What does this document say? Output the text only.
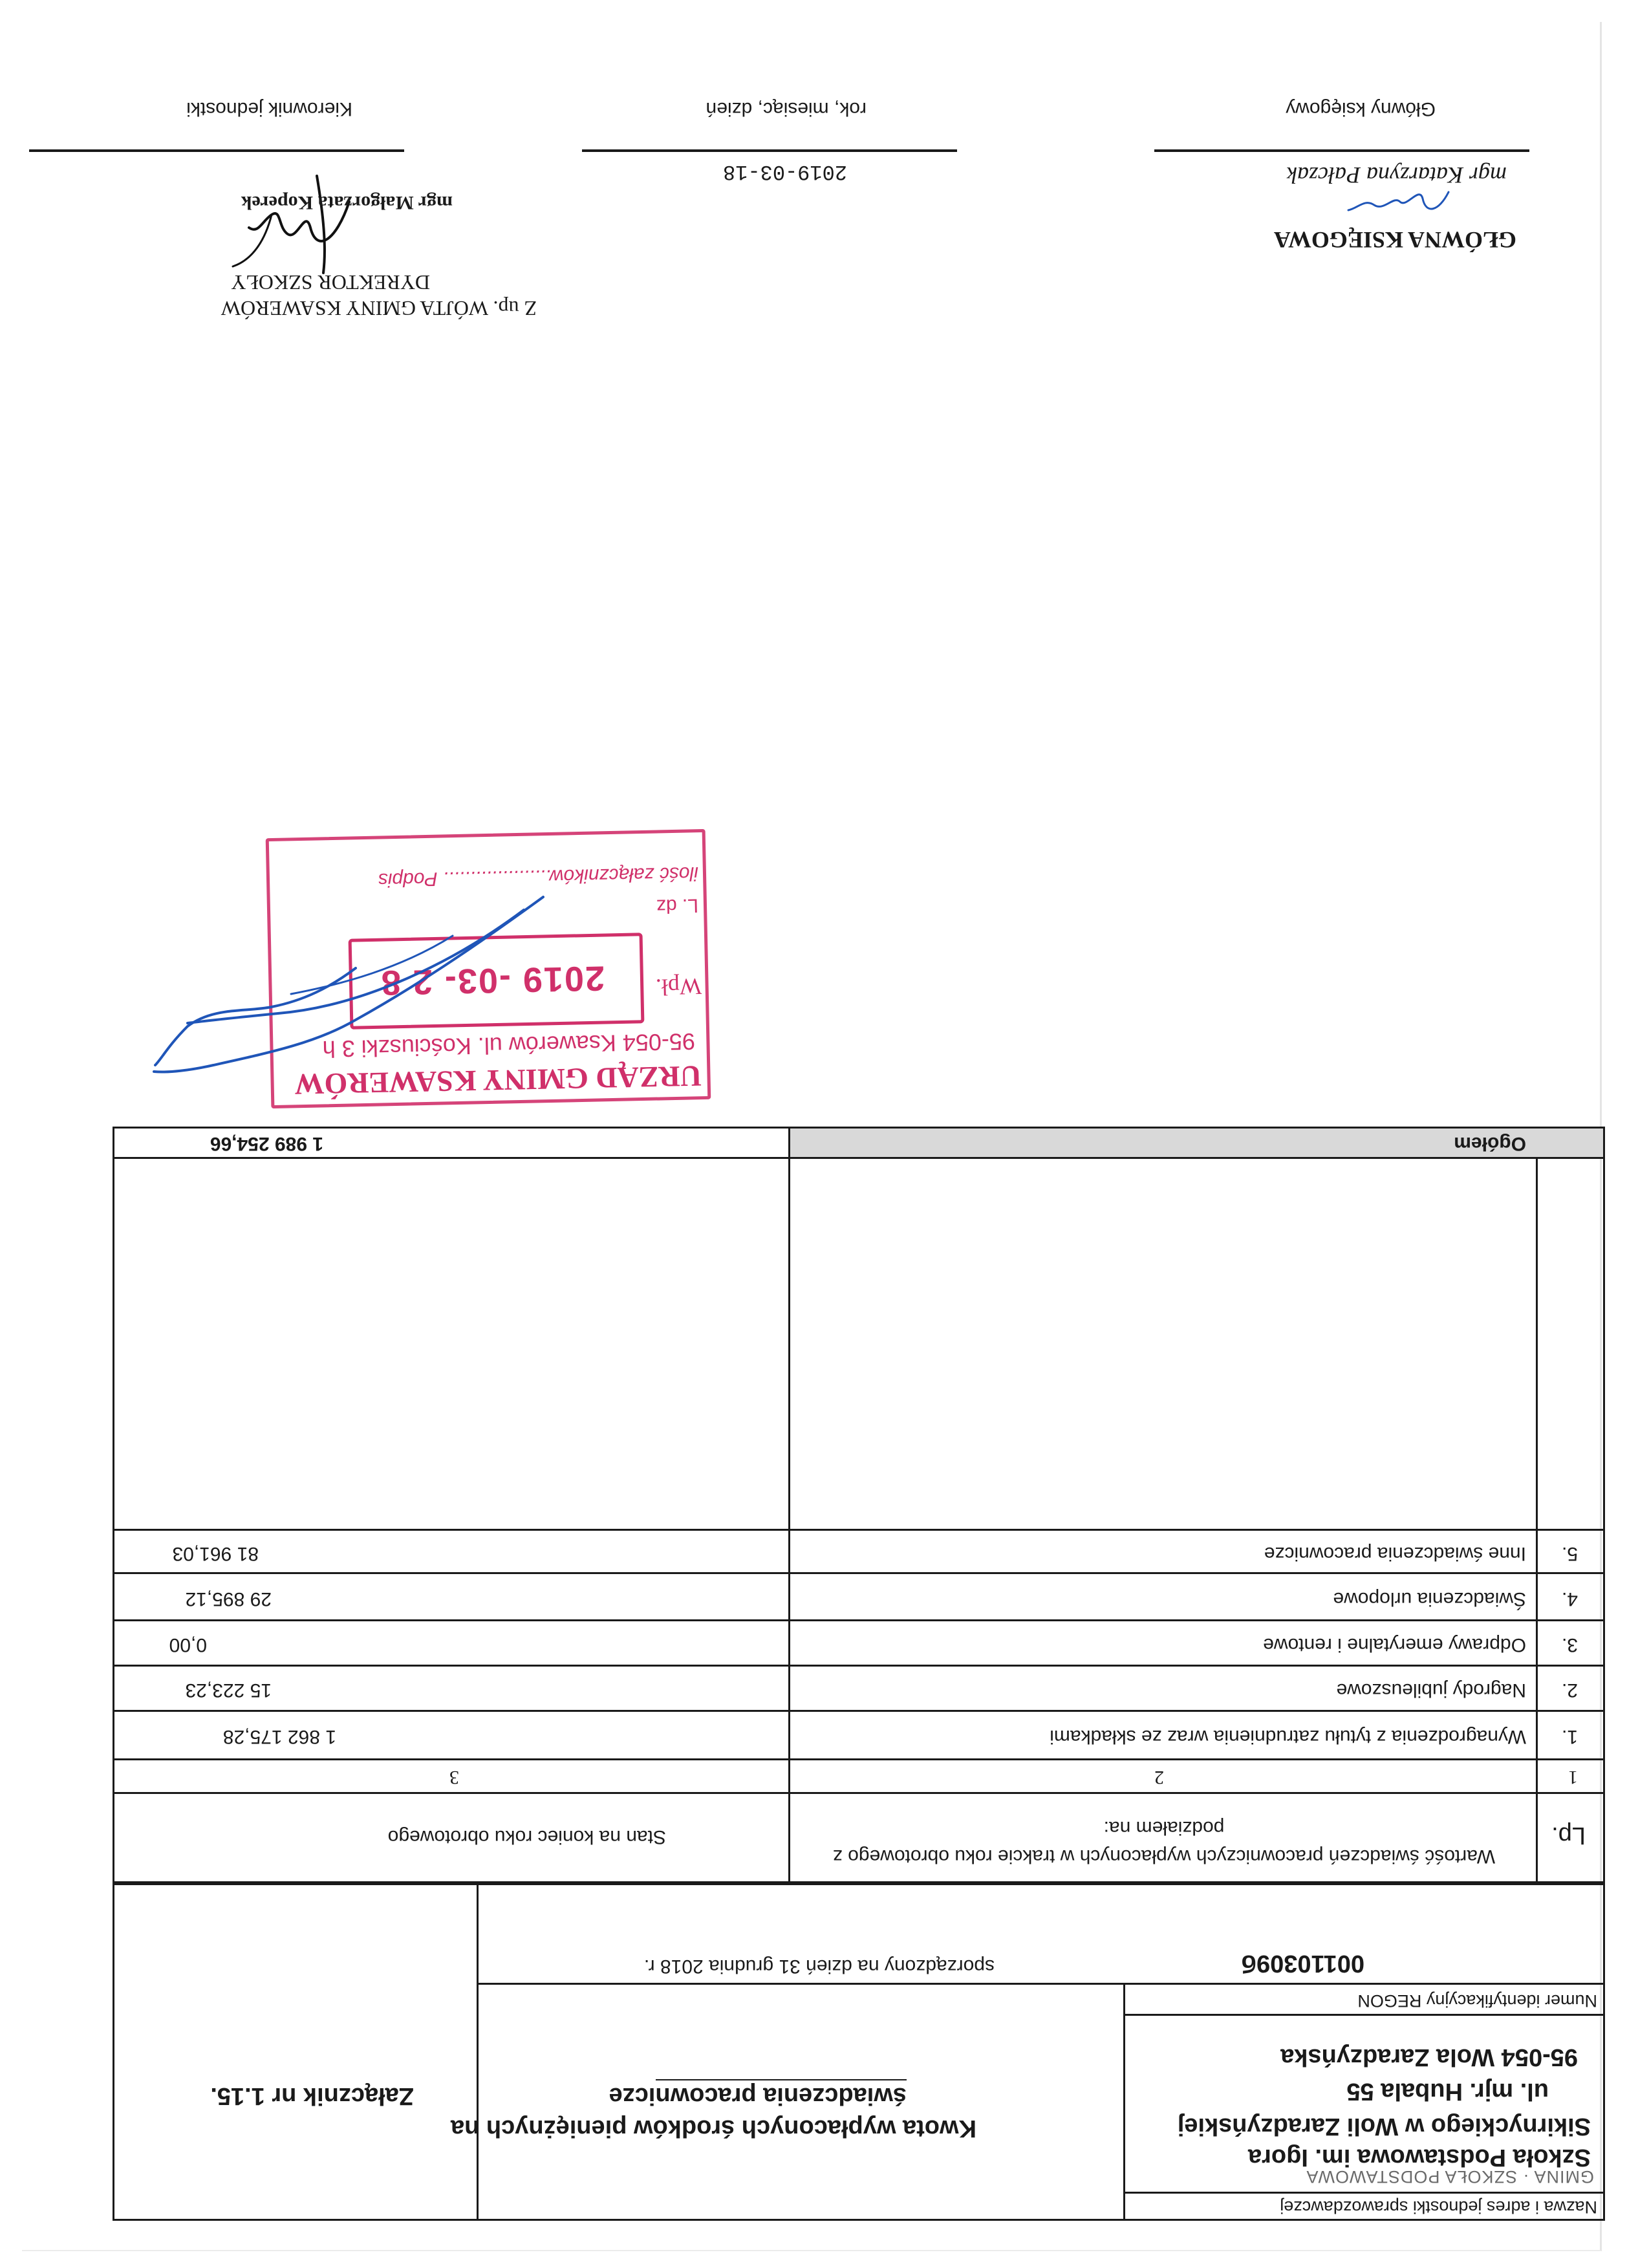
Nazwa i adres jednostki sprawozdawczej
GMINA · SZKOŁA PODSTAWOWA
Szkoła Podstawowa im. Igora
Sikirnyckiego w Woli Zaradzyńskiej
ul. mjr. Hubala 55
95-054 Wola Zaradzyńska
Numer identyfikacyjny REGON
00110309б
Kwota wypłaconych środków pieniężnych na
świadczenia pracownicze
sporządzony na dzień 31 grudnia 2018 r.
Załącznik nr 1.15.
Lp.
Wartość świadczeń pracowniczych wypłaconych w trakcie roku obrotowego z podziałem na:
Stan na koniec roku obrotowego
1
2
3
1.
Wynagrodzenia z tytułu zatrudnienia wraz ze składkami
1 862 175,28
2.
Nagrody jubileuszowe
15 223,23
3.
Odprawy emerytalne i rentowe
0,00
4.
Świadczenia urlopowe
29 895,12
5.
Inne świadczenia pracownicze
81 961,03
Ogółem
1 989 254,66
URZĄD GMINY KSAWERÓW
95-054 Ksawerów ul. Kościuszki 3 h
Wpł.
2019 -03- 2 8
L. dz
ilość załączników.................... Podpis
GŁÓWNA KSIĘGOWA
mgr Katarzyna Pałczak
Główny księgowy
2019-03-18
rok, miesiąc, dzień
Z up. WÓJTA GMINY KSAWERÓW
DYREKTOR SZKOŁY
mgr Małgorzata Koperek
Kierownik jednostki
